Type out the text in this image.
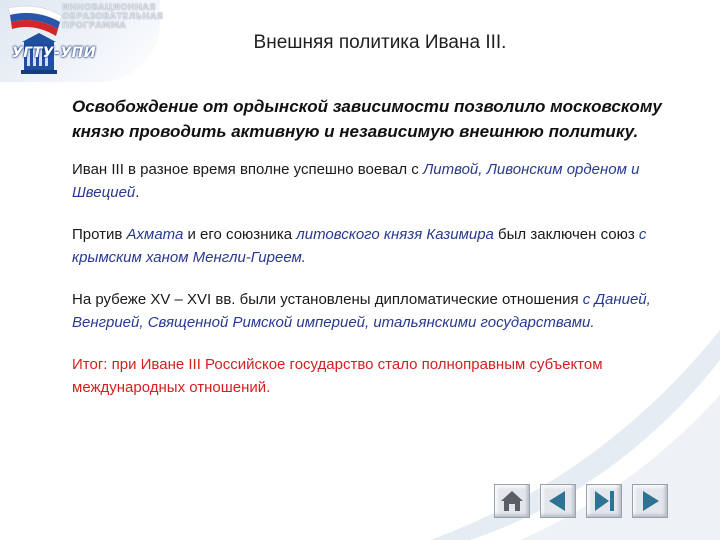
ИННОВАЦИОННАЯ
ОБРАЗОВАТЕЛЬНАЯ
ПРОГРАММА
УГТУ-УПИ	Внешняя политика Ивана III.

Освобождение от ордынской зависимости позволило московскому князю проводить активную и независимую внешнюю политику.

Иван III в разное время вполне успешно воевал с Литвой, Ливонским орденом и Швецией.

Против Ахмата и его союзника литовского князя Казимира был заключен союз с крымским ханом Менгли-Гиреем.

На рубеже XV – XVI вв. были установлены дипломатические отношения с Данией, Венгрией, Священной Римской империей, итальянскими государствами.

Итог: при Иване III Российское государство стало полноправным субъектом международных отношений.
